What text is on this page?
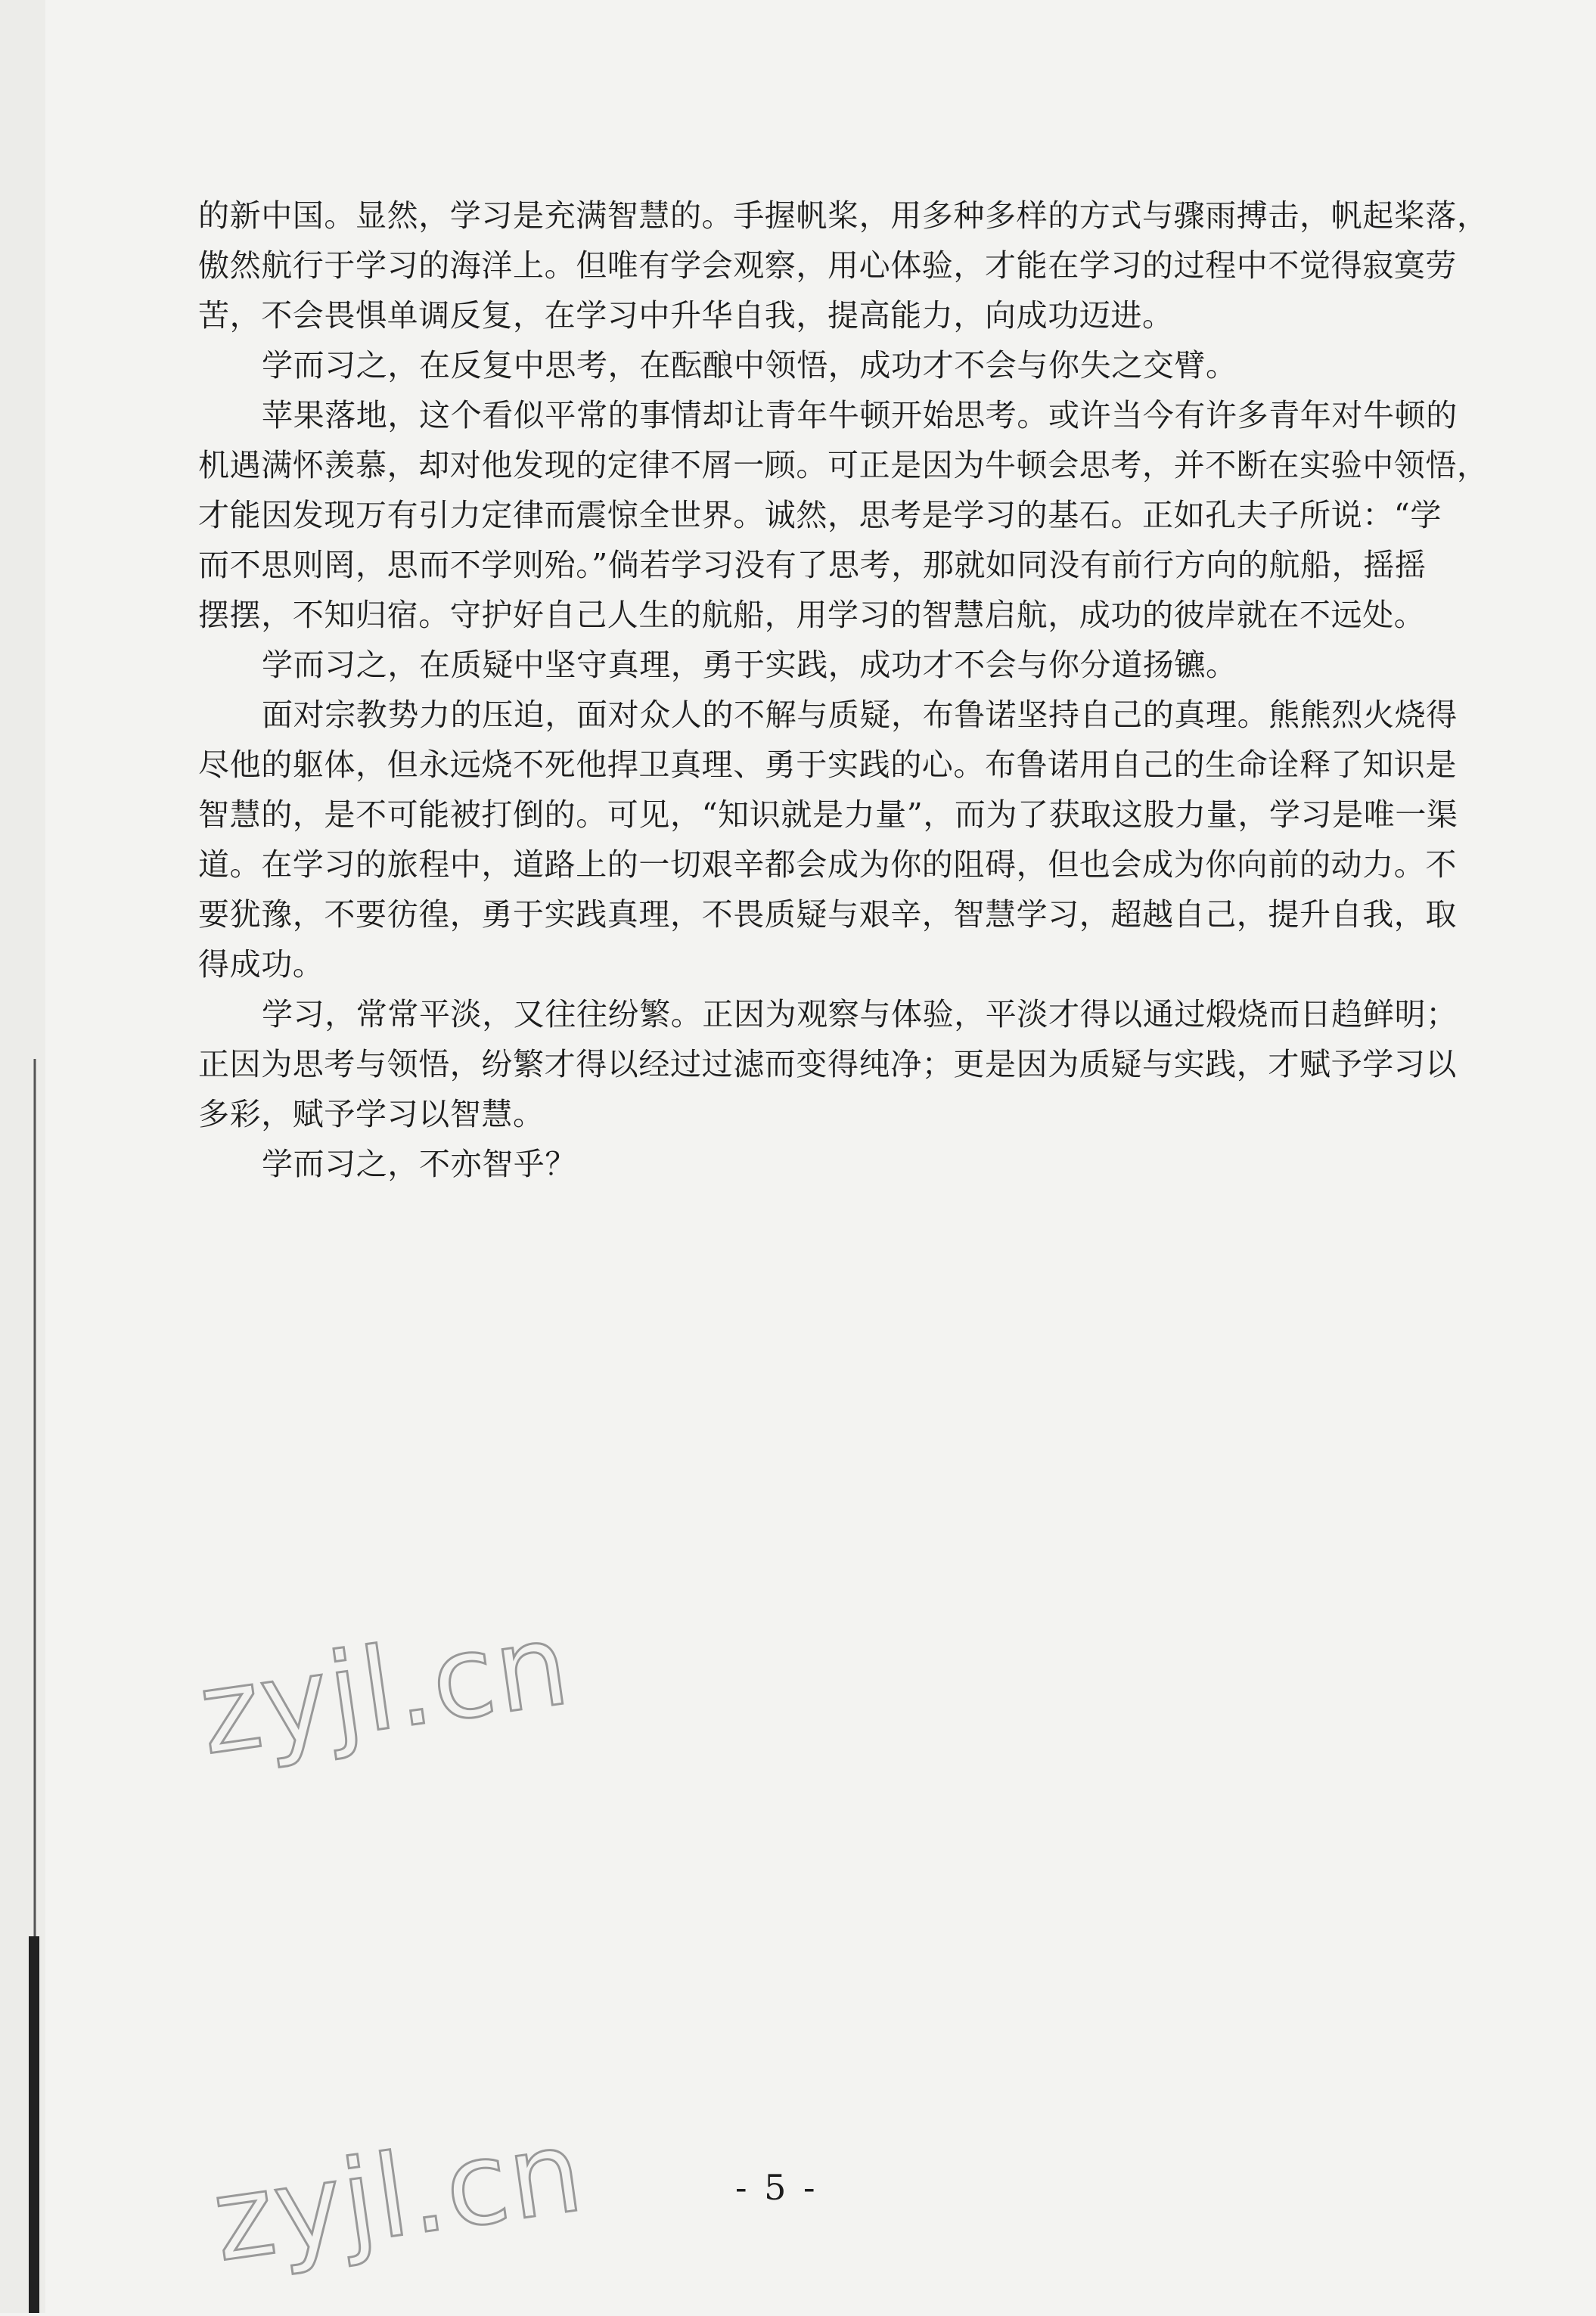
的新中国。显然，学习是充满智慧的。手握帆桨，用多种多样的方式与骤雨搏击，帆起桨落，
傲然航行于学习的海洋上。但唯有学会观察，用心体验，才能在学习的过程中不觉得寂寞劳
苦，不会畏惧单调反复，在学习中升华自我，提高能力，向成功迈进。
学而习之，在反复中思考，在酝酿中领悟，成功才不会与你失之交臂。
苹果落地，这个看似平常的事情却让青年牛顿开始思考。或许当今有许多青年对牛顿的
机遇满怀羡慕，却对他发现的定律不屑一顾。可正是因为牛顿会思考，并不断在实验中领悟，
才能因发现万有引力定律而震惊全世界。诚然，思考是学习的基石。正如孔夫子所说：“学
而不思则罔，思而不学则殆。”倘若学习没有了思考，那就如同没有前行方向的航船，摇摇
摆摆，不知归宿。守护好自己人生的航船，用学习的智慧启航，成功的彼岸就在不远处。
学而习之，在质疑中坚守真理，勇于实践，成功才不会与你分道扬镳。
面对宗教势力的压迫，面对众人的不解与质疑，布鲁诺坚持自己的真理。熊熊烈火烧得
尽他的躯体，但永远烧不死他捍卫真理、勇于实践的心。布鲁诺用自己的生命诠释了知识是
智慧的，是不可能被打倒的。可见，“知识就是力量”，而为了获取这股力量，学习是唯一渠
道。在学习的旅程中，道路上的一切艰辛都会成为你的阻碍，但也会成为你向前的动力。不
要犹豫，不要彷徨，勇于实践真理，不畏质疑与艰辛，智慧学习，超越自己，提升自我，取
得成功。
学习，常常平淡，又往往纷繁。正因为观察与体验，平淡才得以通过煅烧而日趋鲜明；
正因为思考与领悟，纷繁才得以经过过滤而变得纯净；更是因为质疑与实践，才赋予学习以
多彩，赋予学习以智慧。
学而习之，不亦智乎？
zyjl.cn
zyjl.cn	- 5 -
